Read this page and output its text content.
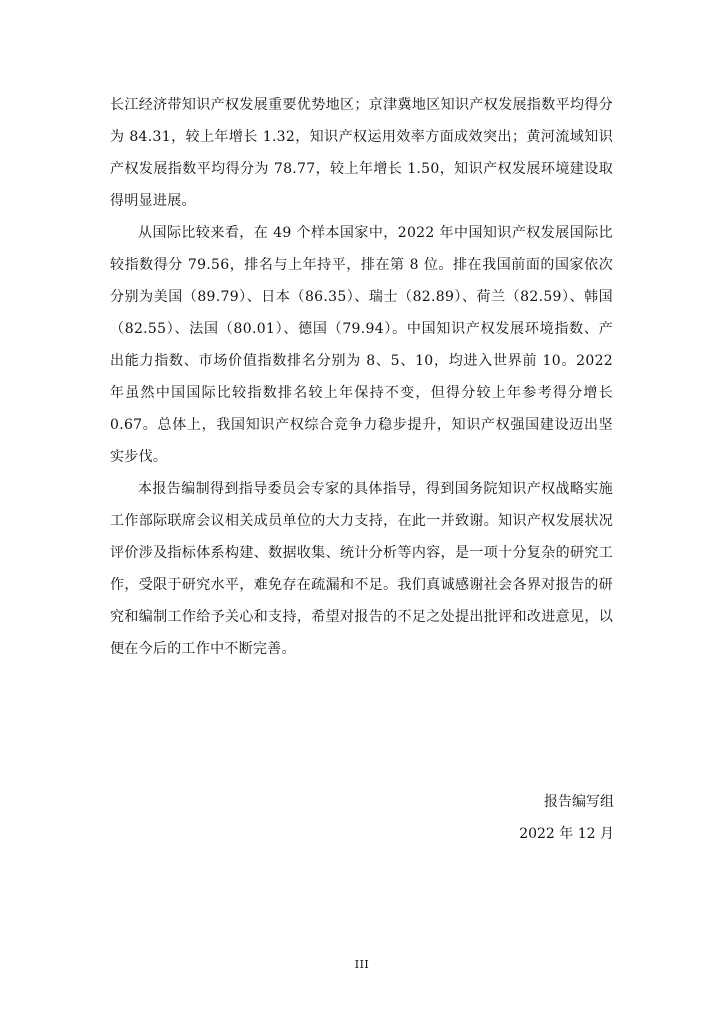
长江经济带知识产权发展重要优势地区；京津冀地区知识产权发展指数平均得分为 84.31，较上年增长 1.32，知识产权运用效率方面成效突出；黄河流域知识产权发展指数平均得分为 78.77，较上年增长 1.50，知识产权发展环境建设取得明显进展。

从国际比较来看，在 49 个样本国家中，2022 年中国知识产权发展国际比较指数得分 79.56，排名与上年持平，排在第 8 位。排在我国前面的国家依次分别为美国（89.79）、日本（86.35）、瑞士（82.89）、荷兰（82.59）、韩国（82.55）、法国（80.01）、德国（79.94）。中国知识产权发展环境指数、产出能力指数、市场价值指数排名分别为 8、5、10，均进入世界前 10。2022 年虽然中国国际比较指数排名较上年保持不变，但得分较上年参考得分增长 0.67。总体上，我国知识产权综合竞争力稳步提升，知识产权强国建设迈出坚实步伐。

本报告编制得到指导委员会专家的具体指导，得到国务院知识产权战略实施工作部际联席会议相关成员单位的大力支持，在此一并致谢。知识产权发展状况评价涉及指标体系构建、数据收集、统计分析等内容，是一项十分复杂的研究工作，受限于研究水平，难免存在疏漏和不足。我们真诚感谢社会各界对报告的研究和编制工作给予关心和支持，希望对报告的不足之处提出批评和改进意见，以便在今后的工作中不断完善。

报告编写组
2022 年 12 月
III
